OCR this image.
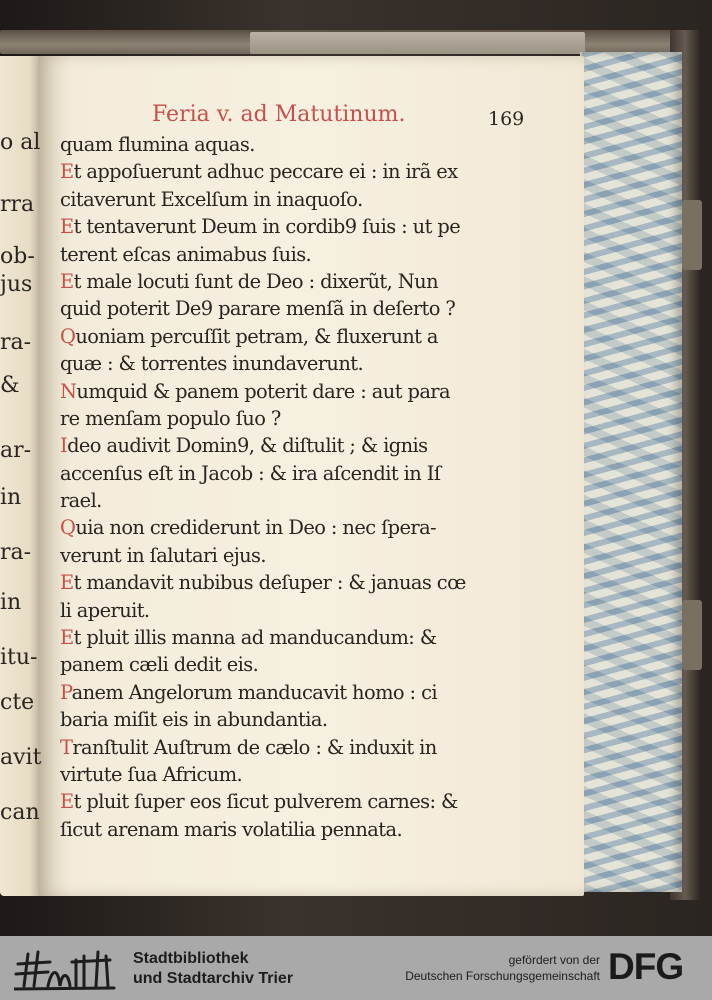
Feria v. ad Matutinum.	169
quam flumina aquas.
Et appoſuerunt adhuc peccare ei : in irã ex
citaverunt Excelſum in inaquoſo.
Et tentaverunt Deum in cordib9 ſuis : ut pe
terent eſcas animabus ſuis.
Et male locuti ſunt de Deo : dixerũt, Nun
quid poterit De9 parare menſã in deſerto ?
Quoniam percuſſit petram, & fluxerunt a
quæ : & torrentes inundaverunt.
Numquid & panem poterit dare : aut para
re menſam populo ſuo ?
Ideo audivit Domin9, & diſtulit ; & ignis
accenſus eſt in Jacob : & ira aſcendit in Iſ
rael.
Quia non crediderunt in Deo : nec ſpera-
verunt in ſalutari ejus.
Et mandavit nubibus deſuper : & januas cœ
li aperuit.
Et pluit illis manna ad manducandum: &
panem cæli dedit eis.
Panem Angelorum manducavit homo : ci
baria miſit eis in abundantia.
Tranſtulit Auſtrum de cælo : & induxit in
virtute ſua Africum.
Et pluit ſuper eos ſicut pulverem carnes: &
ſicut arenam maris volatilia pennata.
o al
rra
ob-
jus
ra-
&
ar-
in
ra-
in
itu-
cte
avit
can
Stadtbibliothek
und Stadtarchiv Trier
gefördert von der
Deutschen Forschungsgemeinschaft DFG
